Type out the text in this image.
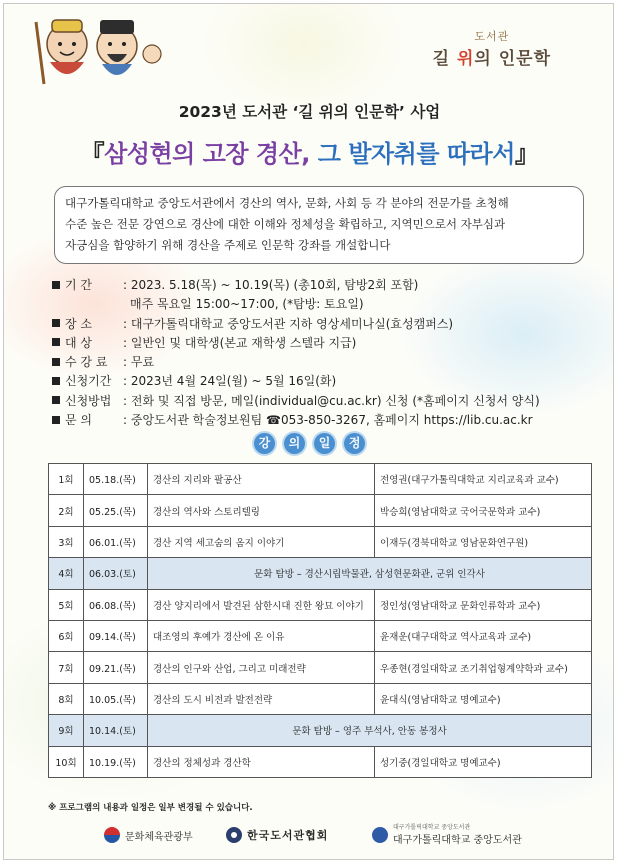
도서관
길 위의 인문학
2023년 도서관 ‘길 위의 인문학’ 사업
『삼성현의 고장 경산, 그 발자취를 따라서』
대구가톨릭대학교 중앙도서관에서 경산의 역사, 문화, 사회 등 각 분야의 전문가를 초청해
수준 높은 전문 강연으로 경산에 대한 이해와 정체성을 확립하고, 지역민으로서 자부심과
자긍심을 함양하기 위해 경산을 주제로 인문학 강좌를 개설합니다
기 간	: 2023. 5.18(목) ~ 10.19(목) (총10회, 탐방2회 포함)
매주 목요일 15:00~17:00, (*탐방: 토요일)
장 소	: 대구가톨릭대학교 중앙도서관 지하 영상세미나실(효성캠퍼스)
대 상	: 일반인 및 대학생(본교 재학생 스텔라 지급)
수 강 료 : 무료
신청기간 : 2023년 4월 24일(월) ~ 5월 16일(화)
신청방법 : 전화 및 직접 방문, 메일(individual@cu.ac.kr) 신청 (*홈페이지 신청서 양식)
문 의	: 중앙도서관 학술정보원팀 ☎053-850-3267, 홈페이지 https://lib.cu.ac.kr
강 의 일 정
1회	05.18.(목)	경산의 지리와 팔공산	전영권(대구가톨릭대학교 지리교육과 교수)
2회	05.25.(목)	경산의 역사와 스토리텔링	박승희(영남대학교 국어국문학과 교수)
3회	06.01.(목)	경산 지역 세고숨의 옴지 이야기	이재두(경북대학교 영남문화연구원)
4회	06.03.(토)	문화 탐방 – 경산시립박물관, 삼성현문화관, 군위 인각사	
5회	06.08.(목)	경산 양지리에서 발견된 삼한시대 진한 왕묘 이야기	정인성(영남대학교 문화인류학과 교수)
6회	09.14.(목)	대조영의 후예가 경산에 온 이유	윤재운(대구대학교 역사교육과 교수)
7회	09.21.(목)	경산의 인구와 산업, 그리고 미래전략	우종현(경일대학교 조기취업형계약학과 교수)
8회	10.05.(목)	경산의 도시 비전과 발전전략	윤대식(영남대학교 명예교수)
9회	10.14.(토)	문화 탐방 – 영주 부석사, 안동 봉정사	
10회	10.19.(목)	경산의 정체성과 경산학	성기중(경일대학교 명예교수)
※ 프로그램의 내용과 일정은 일부 변경될 수 있습니다.
문화체육관광부	한국도서관협회
대구가톨릭대학교 중앙도서관
대구가톨릭대학교 중앙도서관
